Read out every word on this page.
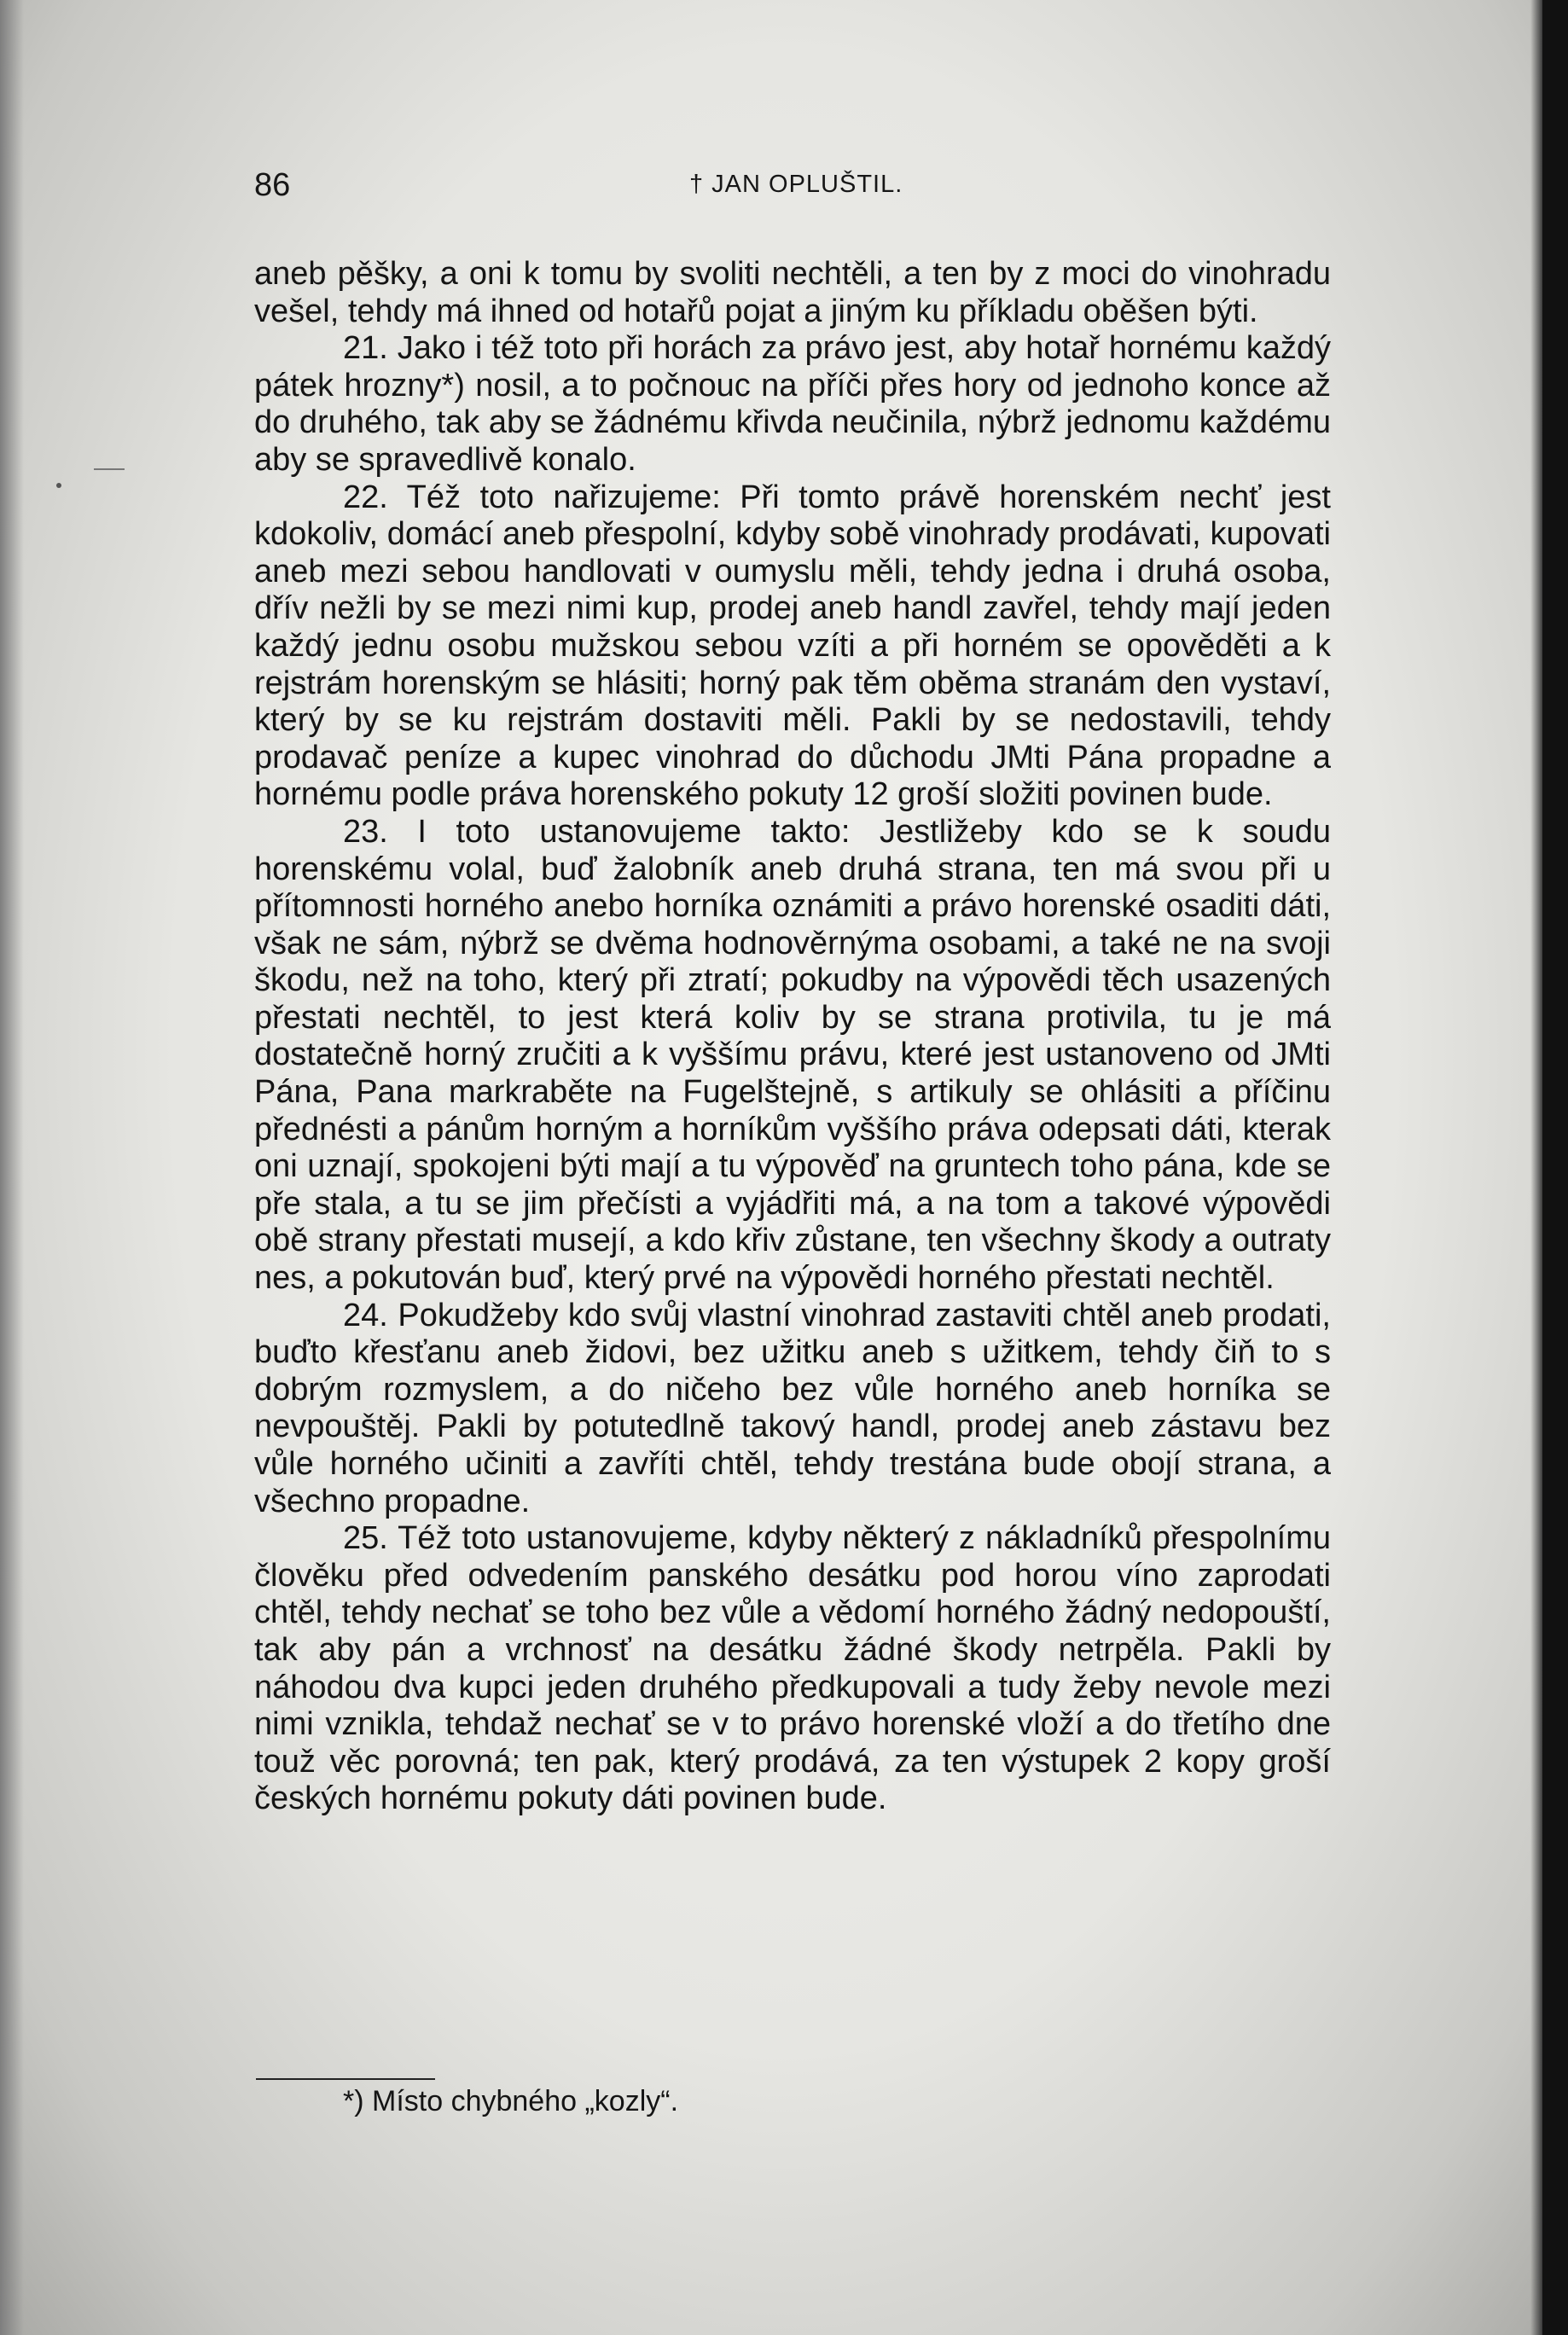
86	† JAN OPLUŠTIL.

aneb pěšky, a oni k tomu by svoliti nechtěli, a ten by z moci do vinohradu vešel, tehdy má ihned od hotařů pojat a jiným ku příkladu oběšen býti.

21. Jako i též toto při horách za právo jest, aby hotař hornému každý pátek hrozny*) nosil, a to počnouc na příči přes hory od jednoho konce až do druhého, tak aby se žádnému křivda neučinila, nýbrž jednomu každému aby se spravedlivě konalo.

22. Též toto nařizujeme: Při tomto právě horenském nechť jest kdokoliv, domácí aneb přespolní, kdyby sobě vinohrady prodávati, kupovati aneb mezi sebou handlovati v oumyslu měli, tehdy jedna i druhá osoba, dřív nežli by se mezi nimi kup, prodej aneb handl zavřel, tehdy mají jeden každý jednu osobu mužskou sebou vzíti a při horném se opověděti a k rejstrám horenským se hlásiti; horný pak těm oběma stranám den vystaví, který by se ku rejstrám dostaviti měli. Pakli by se nedostavili, tehdy prodavač peníze a kupec vinohrad do důchodu JMti Pána propadne a hornému podle práva horenského pokuty 12 groší složiti povinen bude.

23. I toto ustanovujeme takto: Jestližeby kdo se k soudu horenskému volal, buď žalobník aneb druhá strana, ten má svou při u přítomnosti horného anebo horníka oznámiti a právo horenské osaditi dáti, však ne sám, nýbrž se dvěma hodnověrnýma osobami, a také ne na svoji škodu, než na toho, který při ztratí; pokudby na výpovědi těch usazených přestati nechtěl, to jest která koliv by se strana protivila, tu je má dostatečně horný zručiti a k vyššímu právu, které jest ustanoveno od JMti Pána, Pana markraběte na Fugelštejně, s artikuly se ohlásiti a příčinu přednésti a pánům horným a horníkům vyššího práva odepsati dáti, kterak oni uznají, spokojeni býti mají a tu výpověď na gruntech toho pána, kde se pře stala, a tu se jim přečísti a vyjádřiti má, a na tom a takové výpovědi obě strany přestati musejí, a kdo křiv zůstane, ten všechny škody a outraty nes, a pokutován buď, který prvé na výpovědi horného přestati nechtěl.

24. Pokudžeby kdo svůj vlastní vinohrad zastaviti chtěl aneb prodati, buďto křesťanu aneb židovi, bez užitku aneb s užitkem, tehdy čiň to s dobrým rozmyslem, a do ničeho bez vůle horného aneb horníka se nevpouštěj. Pakli by potutedlně takový handl, prodej aneb zástavu bez vůle horného učiniti a zavříti chtěl, tehdy trestána bude obojí strana, a všechno propadne.

25. Též toto ustanovujeme, kdyby některý z nákladníků přespolnímu člověku před odvedením panského desátku pod horou víno zaprodati chtěl, tehdy nechať se toho bez vůle a vědomí horného žádný nedopouští, tak aby pán a vrchnosť na desátku žádné škody netrpěla. Pakli by náhodou dva kupci jeden druhého předkupovali a tudy žeby nevole mezi nimi vznikla, tehdaž nechať se v to právo horenské vloží a do třetího dne touž věc porovná; ten pak, který prodává, za ten výstupek 2 kopy groší českých hornému pokuty dáti povinen bude.

*) Místo chybného „kozly“.
